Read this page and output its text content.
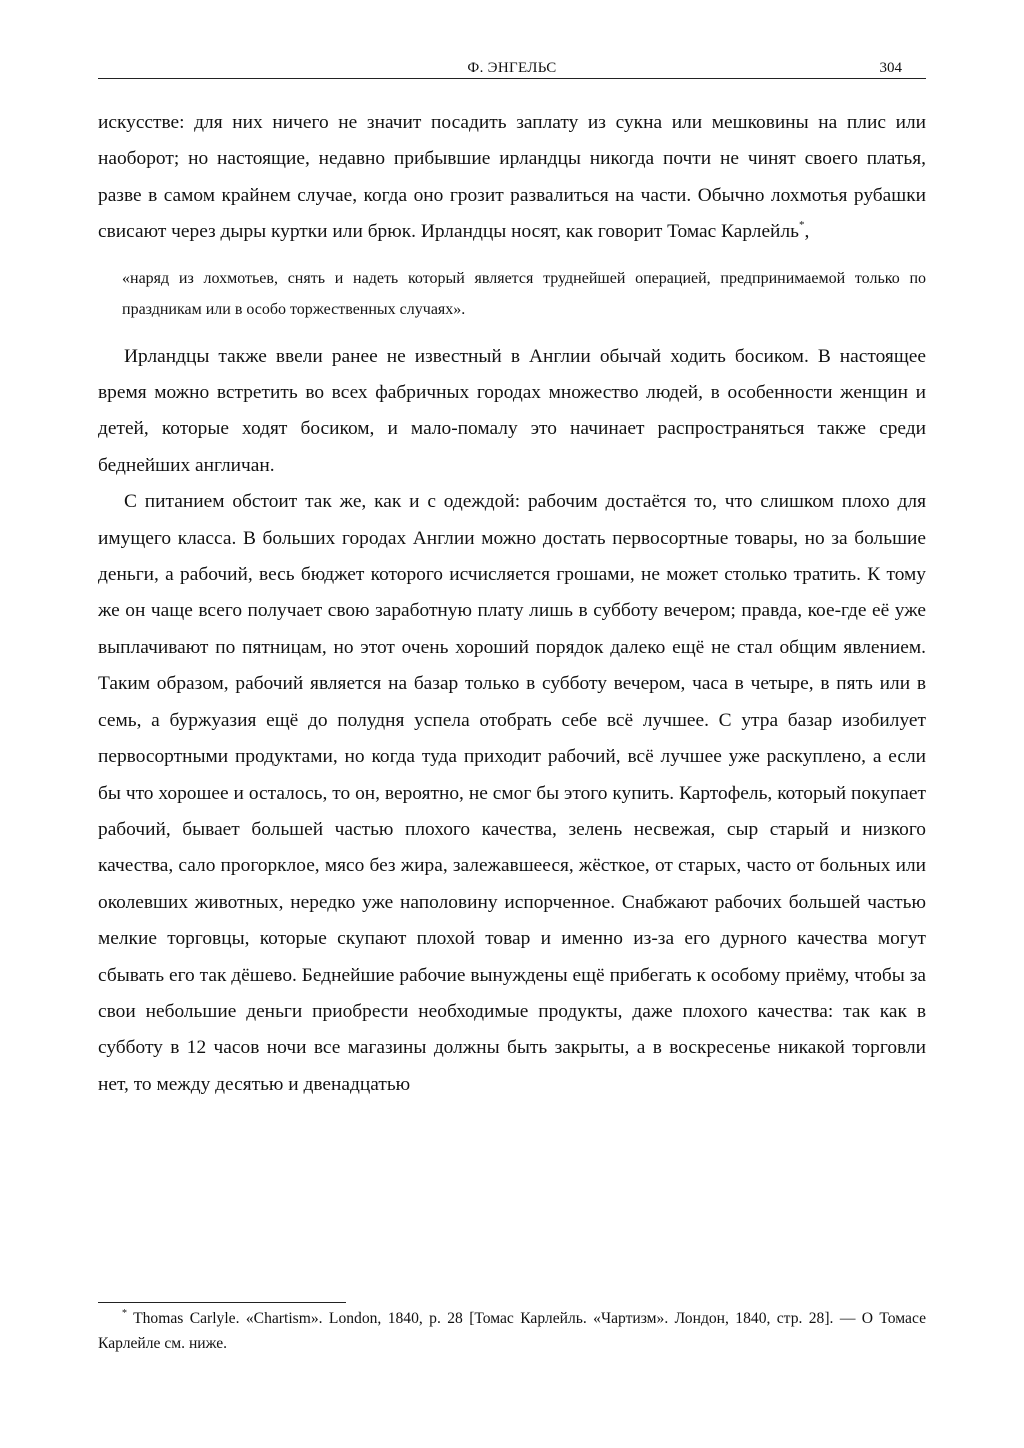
Ф. ЭНГЕЛЬС	304

искусстве: для них ничего не значит посадить заплату из сукна или мешковины на плис или наоборот; но настоящие, недавно прибывшие ирландцы никогда почти не чинят своего платья, разве в самом крайнем случае, когда оно грозит развалиться на части. Обычно лохмотья рубашки свисают через дыры куртки или брюк. Ирландцы носят, как говорит Томас Карлейль*,

«наряд из лохмотьев, снять и надеть который является труднейшей операцией, предпринимаемой только по праздникам или в особо торжественных случаях».

Ирландцы также ввели ранее не известный в Англии обычай ходить босиком. В настоящее время можно встретить во всех фабричных городах множество людей, в особенности женщин и детей, которые ходят босиком, и мало-помалу это начинает распространяться также среди беднейших англичан.

С питанием обстоит так же, как и с одеждой: рабочим достаётся то, что слишком плохо для имущего класса. В больших городах Англии можно достать первосортные товары, но за большие деньги, а рабочий, весь бюджет которого исчисляется грошами, не может столько тратить. К тому же он чаще всего получает свою заработную плату лишь в субботу вечером; правда, кое-где её уже выплачивают по пятницам, но этот очень хороший порядок далеко ещё не стал общим явлением. Таким образом, рабочий является на базар только в субботу вечером, часа в четыре, в пять или в семь, а буржуазия ещё до полудня успела отобрать себе всё лучшее. С утра базар изобилует первосортными продуктами, но когда туда приходит рабочий, всё лучшее уже раскуплено, а если бы что хорошее и осталось, то он, вероятно, не смог бы этого купить. Картофель, который покупает рабочий, бывает большей частью плохого качества, зелень несвежая, сыр старый и низкого качества, сало прогорклое, мясо без жира, залежавшееся, жёсткое, от старых, часто от больных или околевших животных, нередко уже наполовину испорченное. Снабжают рабочих большей частью мелкие торговцы, которые скупают плохой товар и именно из-за его дурного качества могут сбывать его так дёшево. Беднейшие рабочие вынуждены ещё прибегать к особому приёму, чтобы за свои небольшие деньги приобрести необходимые продукты, даже плохого качества: так как в субботу в 12 часов ночи все магазины должны быть закрыты, а в воскресенье никакой торговли нет, то между десятью и двенадцатью

* Thomas Carlyle. «Chartism». London, 1840, p. 28 [Томас Карлейль. «Чартизм». Лондон, 1840, стр. 28]. — О Томасе Карлейле см. ниже.
